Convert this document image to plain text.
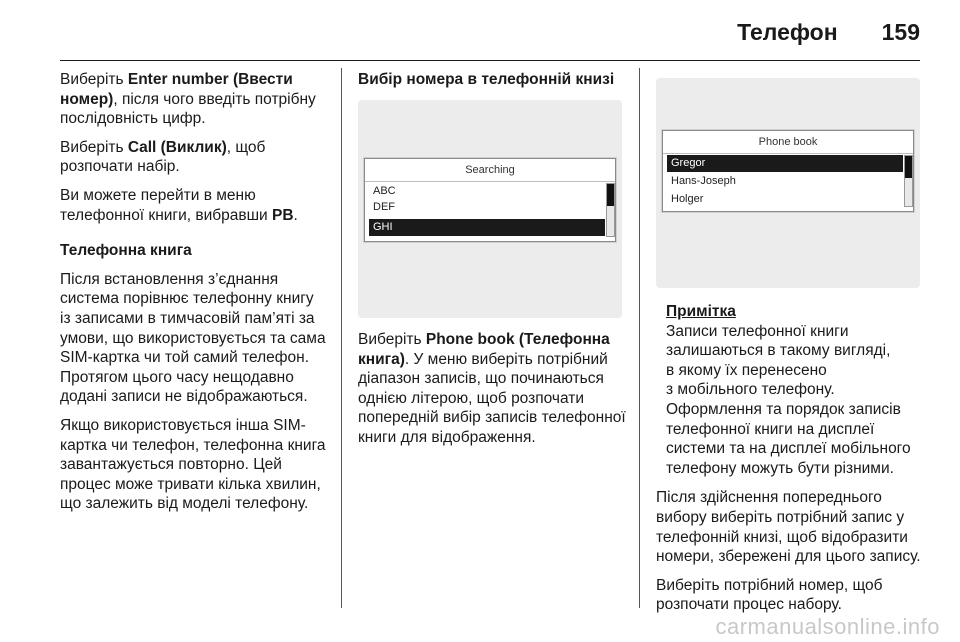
Телефон 159

Виберіть Enter number (Ввести номер), після чого введіть потрібну послідовність цифр.

Виберіть Call (Виклик), щоб розпочати набір.

Ви можете перейти в меню телефонної книги, вибравши PB.

Телефонна книга

Після встановлення з’єднання система порівнює телефонну книгу із записами в тимчасовій пам’яті за умови, що використовується та сама SIM-картка чи той самий телефон. Протягом цього часу нещодавно додані записи не відображаються.

Якщо використовується інша SIM-картка чи телефон, телефонна книга завантажується повторно. Цей процес може тривати кілька хвилин, що залежить від моделі телефону.

Вибір номера в телефонній книзі

Searching
ABC
DEF
GHI

Виберіть Phone book (Телефонна книга). У меню виберіть потрібний діапазон записів, що починаються однією літерою, щоб розпочати попередній вибір записів телефонної книги для відображення.

Phone book
Gregor
Hans-Joseph
Holger

Примітка

Записи телефонної книги

залишаються в такому вигляді,

в якому їх перенесено

з мобільного телефону.

Оформлення та порядок записів

телефонної книги на дисплеї

системи та на дисплеї мобільного

телефону можуть бути різними.

Після здійснення попереднього вибору виберіть потрібний запис у телефонній книзі, щоб відобразити номери, збережені для цього запису.

Виберіть потрібний номер, щоб розпочати процес набору.

carmanualsonline.info
